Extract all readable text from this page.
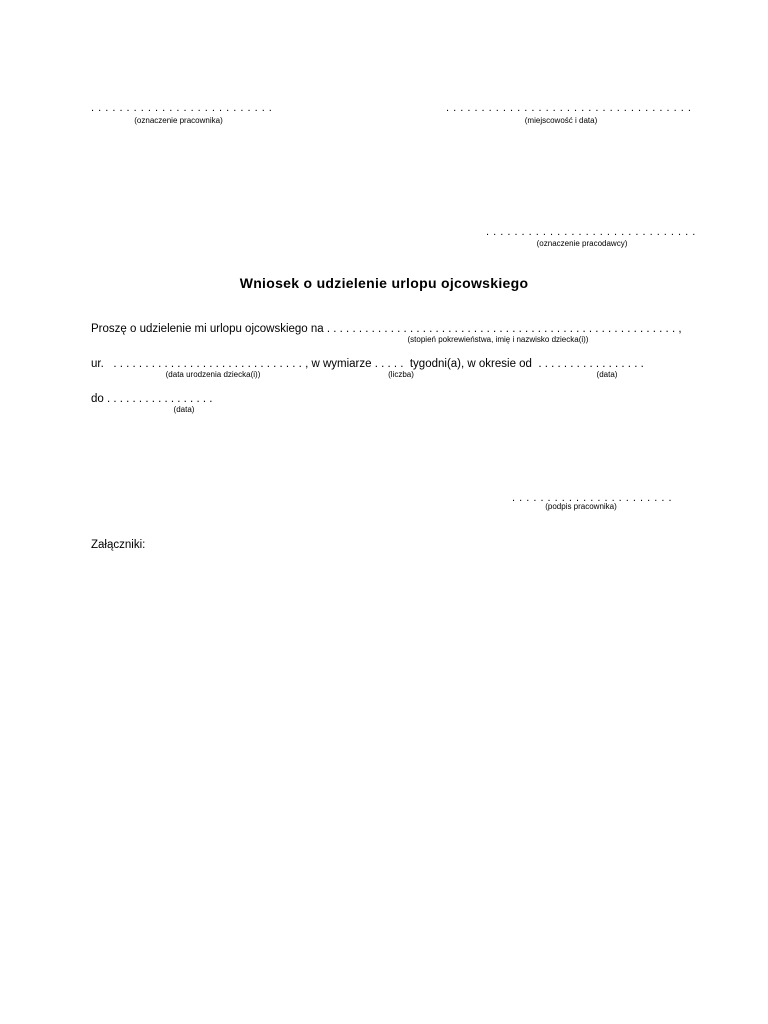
. . . . . . . . . . . . . . . . . . . . . . . . . .
(oznaczenie pracownika)
. . . . . . . . . . . . . . . . . . . . . . . . . . . . . . . . . . .
(miejscowość i data)
. . . . . . . . . . . . . . . . . . . . . . . . . . . . . .
(oznaczenie pracodawcy)
Wniosek o udzielenie urlopu ojcowskiego
Proszę o udzielenie mi urlopu ojcowskiego na . . . . . . . . . . . . . . . . . . . . . . . . . . . . . . . . . . . . . . . . . . . . . . . . . . . . . . . ,
(stopień pokrewieństwa, imię i nazwisko dziecka(i))
ur.   . . . . . . . . . . . . . . . . . . . . . . . . . . . . . . , w wymiarze . . . . .  tygodni(a), w okresie od  . . . . . . . . . . . . . . . . .
(data urodzenia dziecka(i))	(liczba)	(data)
do . . . . . . . . . . . . . . . . .
(data)
. . . . . . . . . . . . . . . . . . . . . . .
(podpis pracownika)
Załączniki:
